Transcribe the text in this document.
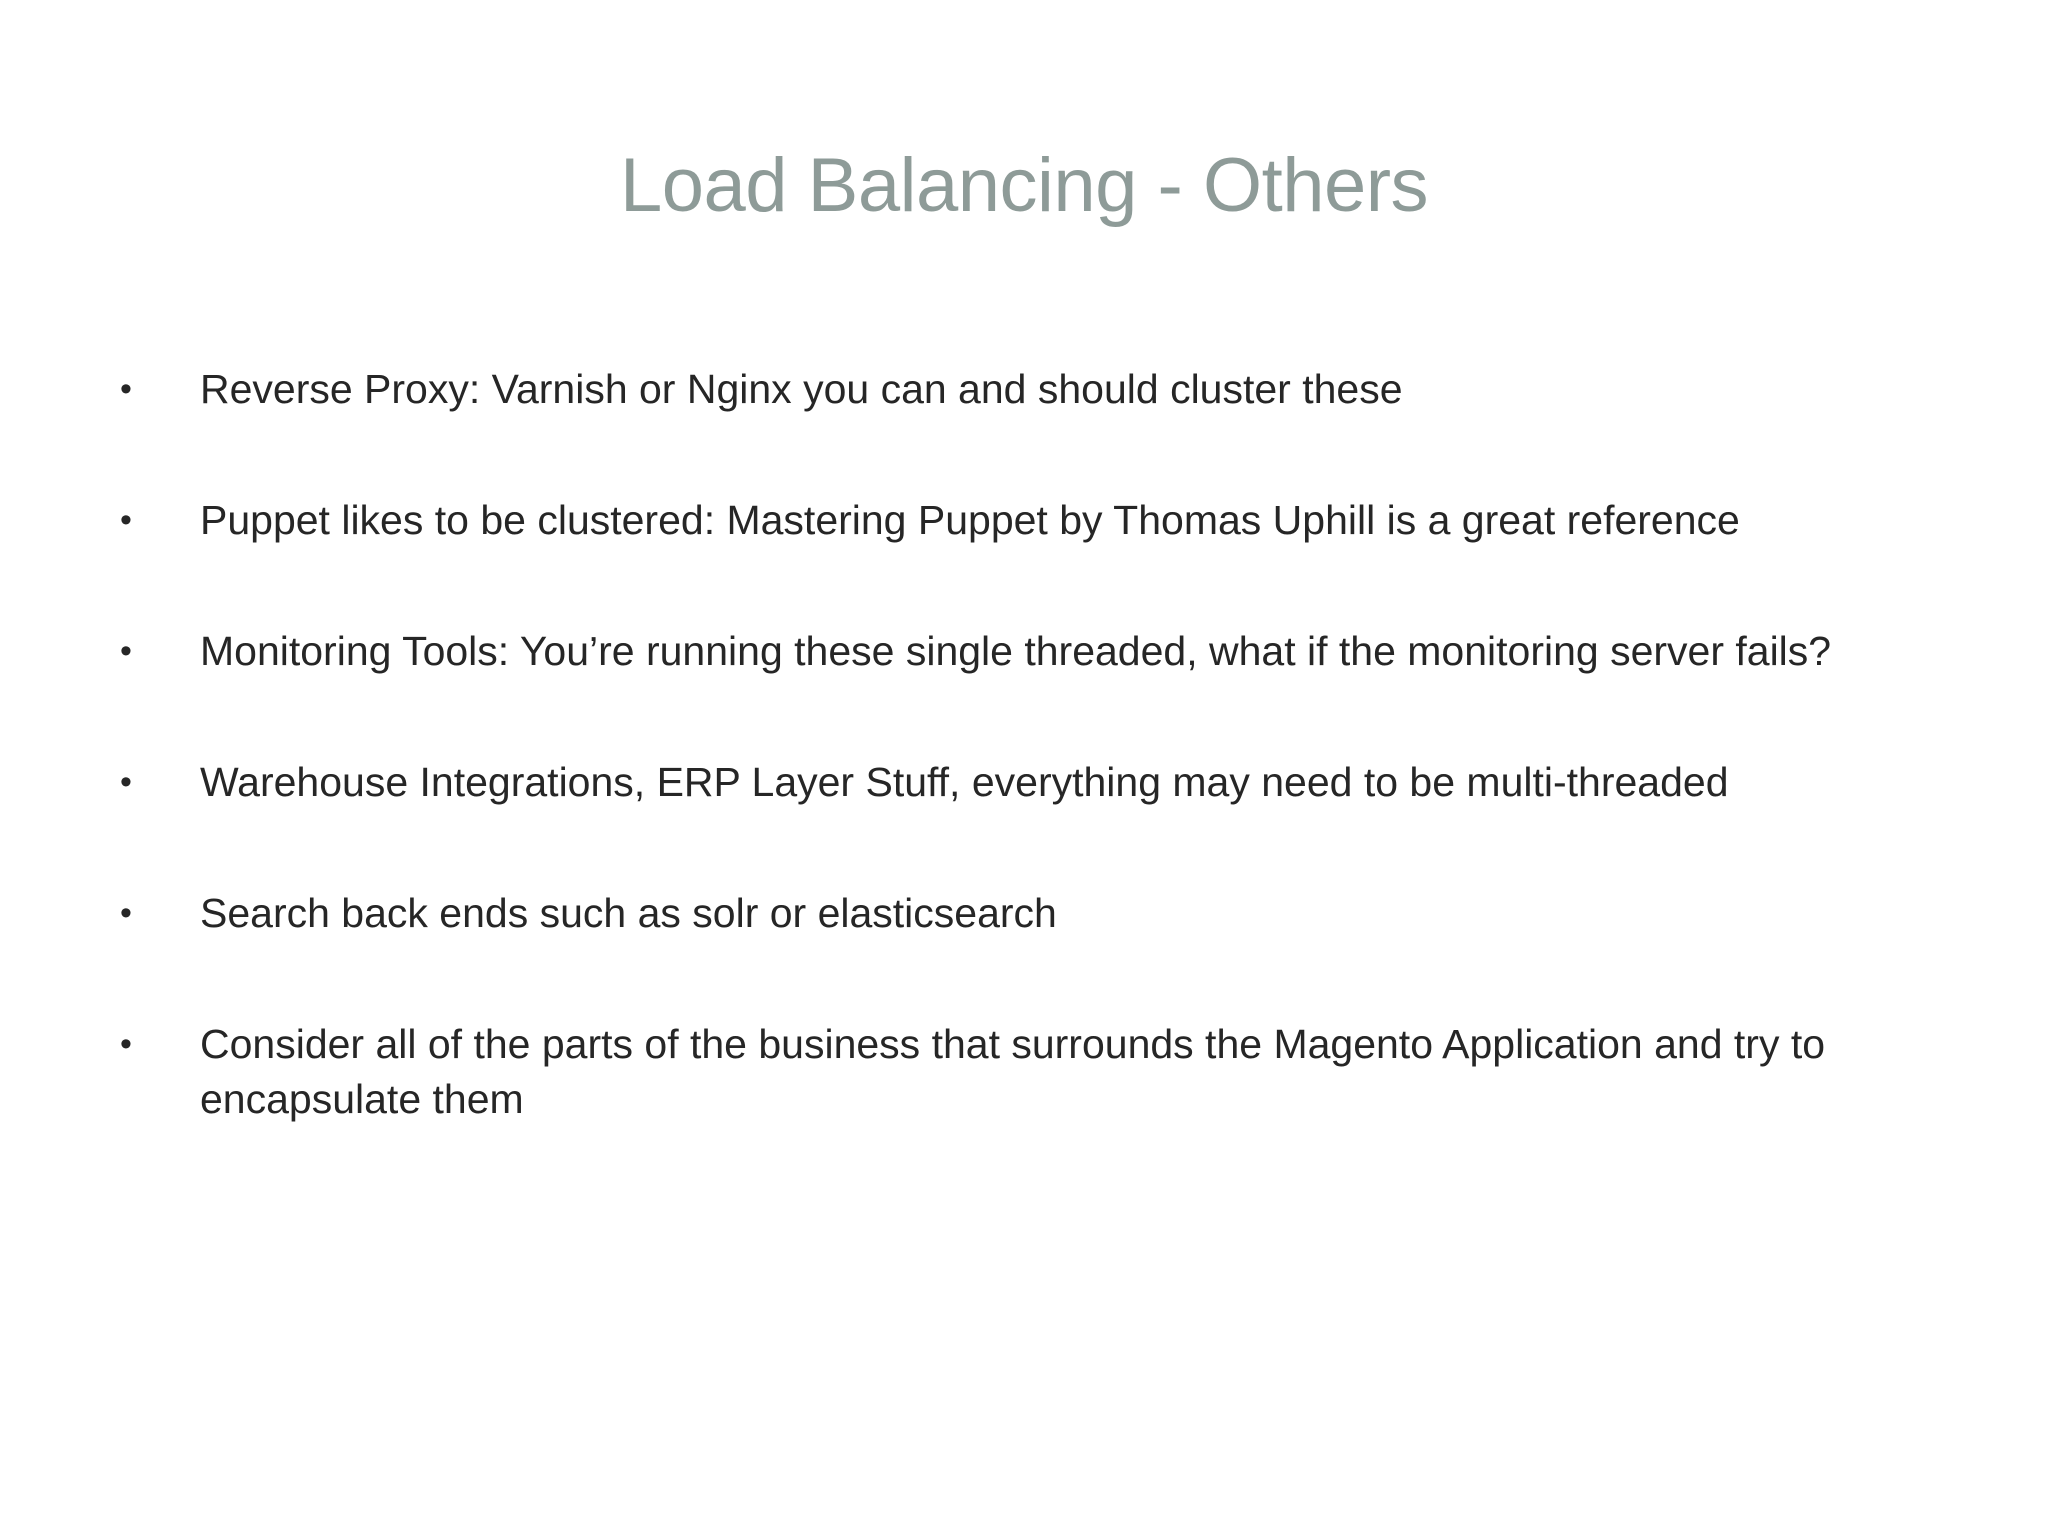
Load Balancing - Others
• Reverse Proxy: Varnish or Nginx you can and should cluster these
• Puppet likes to be clustered: Mastering Puppet by Thomas Uphill is a great reference
• Monitoring Tools: You’re running these single threaded, what if the monitoring server fails?
• Warehouse Integrations, ERP Layer Stuff, everything may need to be multi-threaded
• Search back ends such as solr or elasticsearch
• Consider all of the parts of the business that surrounds the Magento Application and try to encapsulate them
